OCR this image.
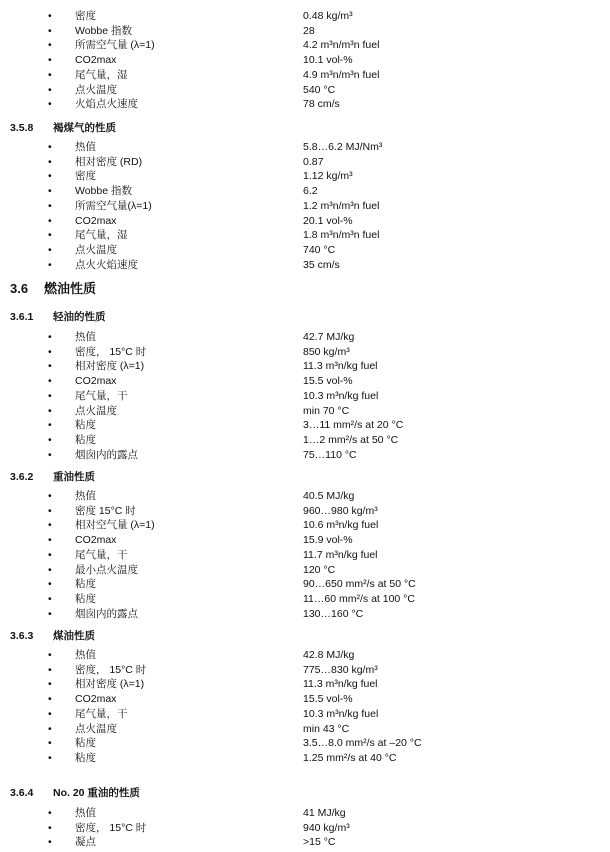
• 密度	0.48 kg/m³
• Wobbe 指数	28
• 所需空气量 (λ=1)	4.2 m³n/m³n fuel
• CO2max	10.1 vol-%
• 尾气量，湿	4.9 m³n/m³n fuel
• 点火温度	540 °C
• 火焰点火速度	78 cm/s
3.5.8 褐煤气的性质
• 热值	5.8…6.2 MJ/Nm³
• 相对密度 (RD)	0.87
• 密度	1.12 kg/m³
• Wobbe 指数	6.2
• 所需空气量(λ=1)	1.2 m³n/m³n fuel
• CO2max	20.1 vol-%
• 尾气量，湿	1.8 m³n/m³n fuel
• 点火温度	740 °C
• 点火火焰速度	35 cm/s
3.6 燃油性质
3.6.1 轻油的性质
• 热值	42.7 MJ/kg
• 密度， 15°C 时	850 kg/m³
• 相对密度 (λ=1)	11.3 m³n/kg fuel
• CO2max	15.5 vol-%
• 尾气量，干	10.3 m³n/kg fuel
• 点火温度	min 70 °C
• 粘度	3…11 mm²/s at 20 °C
• 粘度	1…2 mm²/s at 50 °C
• 烟囱内的露点	75…110 °C
3.6.2 重油性质
• 热值	40.5 MJ/kg
• 密度 15°C 时	960…980 kg/m³
• 相对空气量 (λ=1)	10.6 m³n/kg fuel
• CO2max	15.9 vol-%
• 尾气量，干	11.7 m³n/kg fuel
• 最小点火温度	120 °C
• 粘度	90…650 mm²/s at 50 °C
• 粘度	11…60 mm²/s at 100 °C
• 烟囱内的露点	130…160 °C
3.6.3 煤油性质
• 热值	42.8 MJ/kg
• 密度， 15°C 时	775…830 kg/m³
• 相对密度 (λ=1)	11.3 m³n/kg fuel
• CO2max	15.5 vol-%
• 尾气量，干	10.3 m³n/kg fuel
• 点火温度	min 43 °C
• 粘度	3.5…8.0 mm²/s at –20 °C
• 粘度	1.25 mm²/s at 40 °C
3.6.4 No. 20 重油的性质
• 热值	41 MJ/kg
• 密度， 15°C 时	940 kg/m³
• 凝点	>15 °C
